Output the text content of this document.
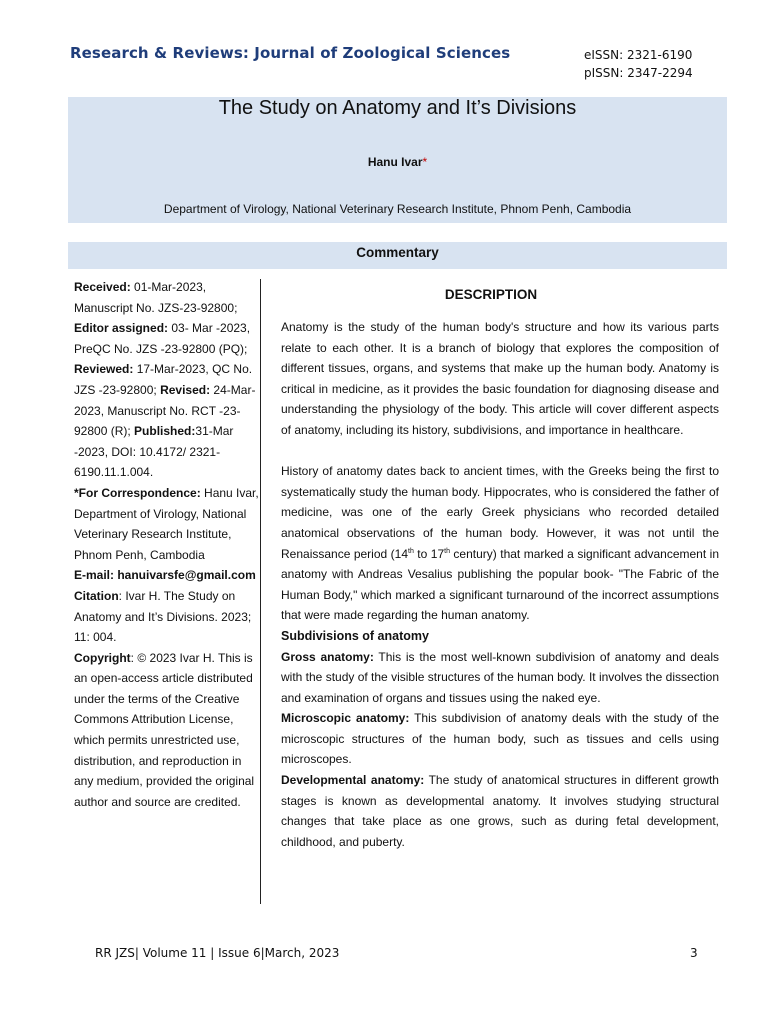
Research & Reviews: Journal of Zoological Sciences	eISSN: 2321-6190
pISSN: 2347-2294
The Study on Anatomy and It’s Divisions
Hanu Ivar*
Department of Virology, National Veterinary Research Institute, Phnom Penh, Cambodia
Commentary
Received: 01-Mar-2023, Manuscript No. JZS-23-92800; Editor assigned: 03- Mar -2023, PreQC No. JZS -23-92800 (PQ); Reviewed: 17-Mar-2023, QC No. JZS -23-92800; Revised: 24-Mar-2023, Manuscript No. RCT -23-92800 (R); Published:31-Mar -2023, DOI: 10.4172/ 2321-6190.11.1.004.
*For Correspondence: Hanu Ivar, Department of Virology, National Veterinary Research Institute, Phnom Penh, Cambodia
E-mail: hanuivarsfe@gmail.com
Citation: Ivar H. The Study on Anatomy and It’s Divisions. 2023; 11: 004.
Copyright: © 2023 Ivar H. This is an open-access article distributed under the terms of the Creative Commons Attribution License, which permits unrestricted use, distribution, and reproduction in any medium, provided the original author and source are credited.
DESCRIPTION

Anatomy is the study of the human body's structure and how its various parts relate to each other. It is a branch of biology that explores the composition of different tissues, organs, and systems that make up the human body. Anatomy is critical in medicine, as it provides the basic foundation for diagnosing disease and understanding the physiology of the body. This article will cover different aspects of anatomy, including its history, subdivisions, and importance in healthcare.

History of anatomy dates back to ancient times, with the Greeks being the first to systematically study the human body. Hippocrates, who is considered the father of medicine, was one of the early Greek physicians who recorded detailed anatomical observations of the human body. However, it was not until the Renaissance period (14th to 17th century) that marked a significant advancement in anatomy with Andreas Vesalius publishing the popular book- "The Fabric of the Human Body," which marked a significant turnaround of the incorrect assumptions that were made regarding the human anatomy.

Subdivisions of anatomy

Gross anatomy: This is the most well-known subdivision of anatomy and deals with the study of the visible structures of the human body. It involves the dissection and examination of organs and tissues using the naked eye.

Microscopic anatomy: This subdivision of anatomy deals with the study of the microscopic structures of the human body, such as tissues and cells using microscopes.

Developmental anatomy: The study of anatomical structures in different growth stages is known as developmental anatomy. It involves studying structural changes that take place as one grows, such as during fetal development, childhood, and puberty.

RR JZS| Volume 11 | Issue 6|March, 2023	3
